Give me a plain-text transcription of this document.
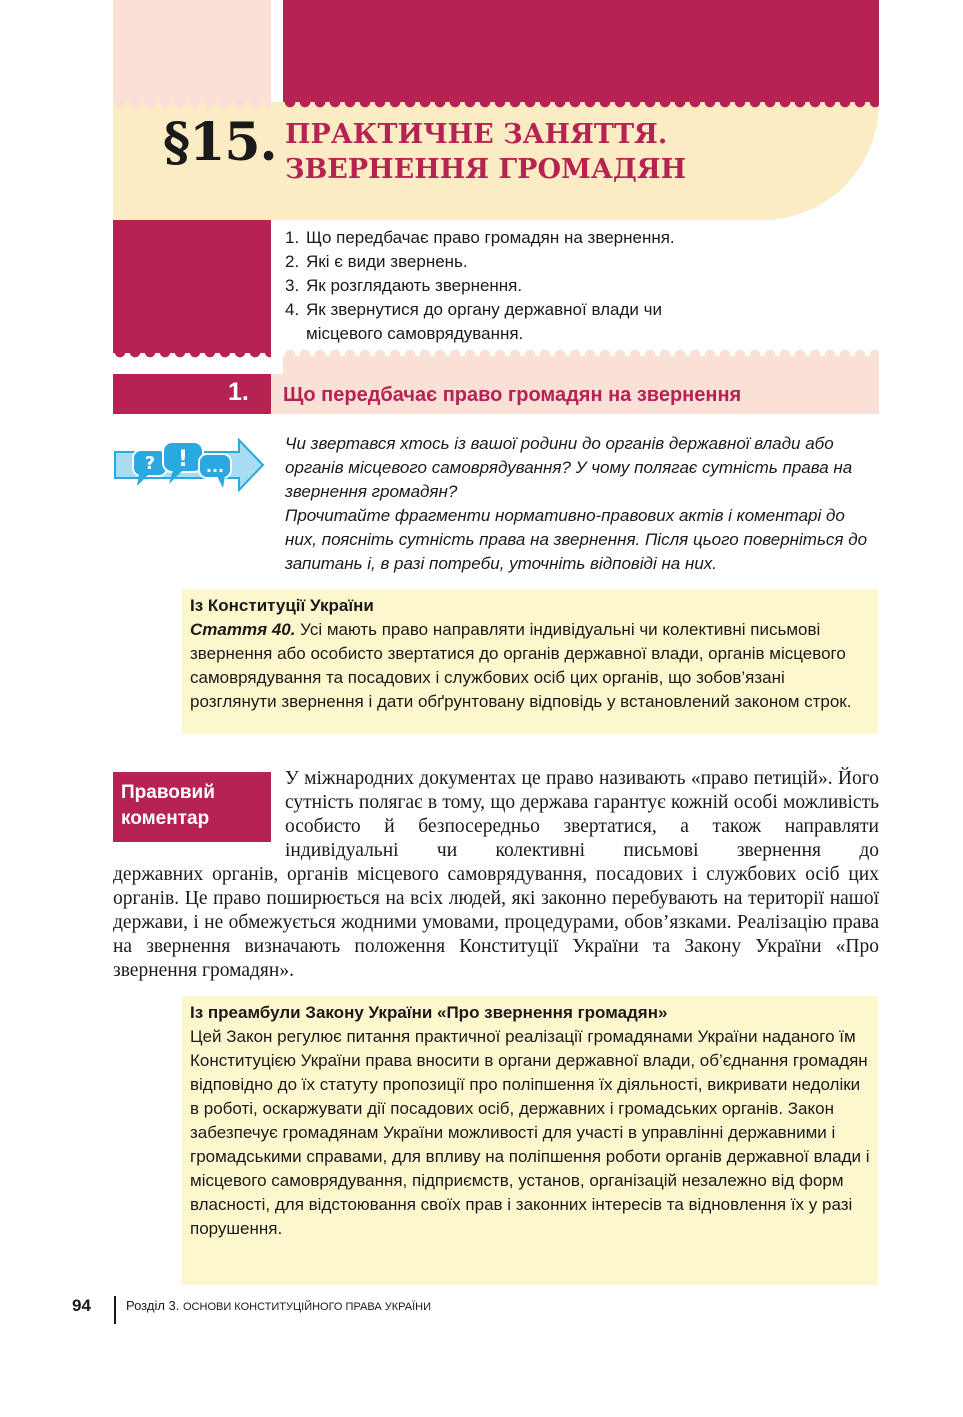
§15. ПРАКТИЧНЕ ЗАНЯТТЯ.
ЗВЕРНЕННЯ ГРОМАДЯН
1. Що передбачає право громадян на звернення.
2. Які є види звернень.
3. Як розглядають звернення.
4. Як звернутися до органу державної влади чи місцевого самоврядування.
1. Що передбачає право громадян на звернення
? ! ...

Чи звертався хтось із вашої родини до органів державної влади або органів місцевого самоврядування? У чому полягає сутність права на звернення громадян?

Прочитайте фрагменти нормативно-правових актів і коментарі до них, поясніть сутність права на звернення. Після цього поверніться до запитань і, в разі потреби, уточніть відповіді на них.

Із Конституції України

Стаття 40. Усі мають право направляти індивідуальні чи колективні письмові звернення або особисто звертатися до органів державної влади, органів місцевого самоврядування та посадових і службових осіб цих органів, що зобов’язані розглянути звернення і дати обґрунтовану відповідь у встановлений законом строк.

Правовий
коментар

У міжнародних документах це право називають «право петицій». Його сутність полягає в тому, що держава гарантує кожній особі можливість особисто й безпосередньо звертатися, а також направляти індивідуальні чи колективні письмові звернення до

державних органів, органів місцевого самоврядування, посадових і службових осіб цих органів. Це право поширюється на всіх людей, які законно перебувають на території нашої держави, і не обмежується жодними умовами, процедурами, обов’язками. Реалізацію права на звернення визначають положення Конституції України та Закону України «Про звернення громадян».

Із преамбули Закону України «Про звернення громадян»

Цей Закон регулює питання практичної реалізації громадянами України наданого їм Конституцією України права вносити в органи державної влади, об’єднання громадян відповідно до їх статуту пропозиції про поліпшення їх діяльності, викривати недоліки в роботі, оскаржувати дії посадових осіб, державних і громадських органів. Закон забезпечує громадянам України можливості для участі в управлінні державними і громадськими справами, для впливу на поліпшення роботи органів державної влади і місцевого самоврядування, підприємств, установ, організацій незалежно від форм власності, для відстоювання своїх прав і законних інтересів та відновлення їх у разі порушення.

94	Розділ 3. ОСНОВИ КОНСТИТУЦІЙНОГО ПРАВА УКРАЇНИ
